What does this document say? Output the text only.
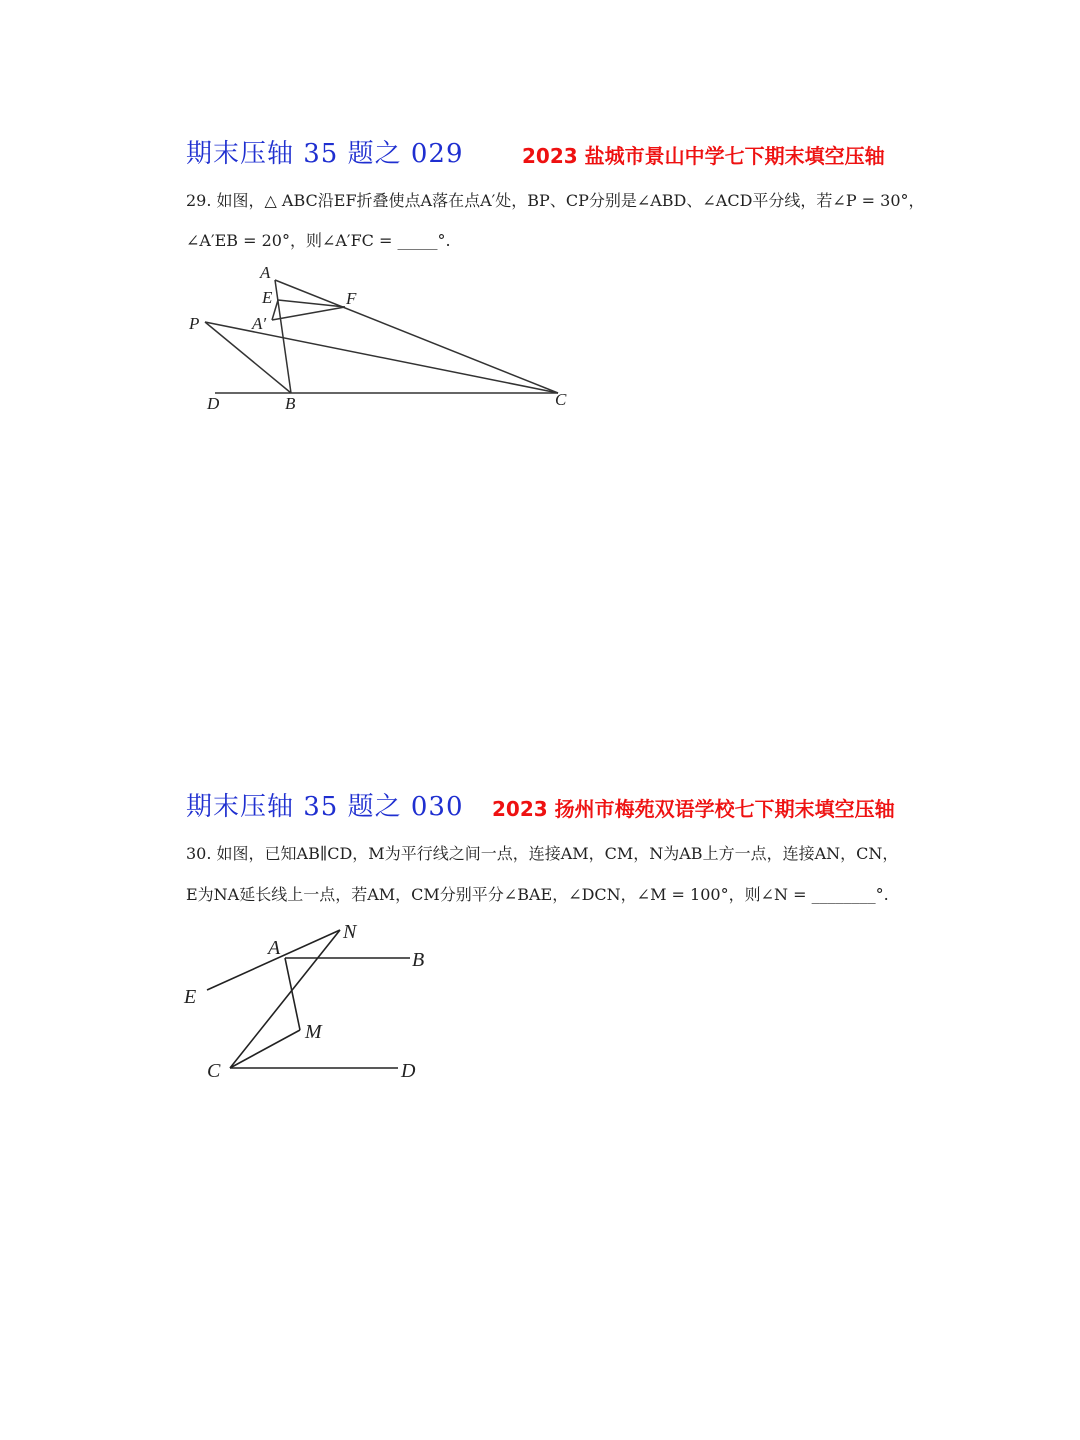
期末压轴 35 题之 029	2023 盐城市景山中学七下期末填空压轴
29. 如图，△ ABC沿EF折叠使点A落在点A′处，BP、CP分别是∠ABD、∠ACD平分线，若∠P = 30°，
∠A′EB = 20°，则∠A′FC = _____°.
A
E	F
A′
P
D	B	C
期末压轴 35 题之 030 2023 扬州市梅苑双语学校七下期末填空压轴
30. 如图，已知AB∥CD，M为平行线之间一点，连接AM，CM，N为AB上方一点，连接AN，CN，
E为NA延长线上一点，若AM，CM分别平分∠BAE，∠DCN，∠M = 100°，则∠N = ________°.
N
A
B
E
M
C	D
